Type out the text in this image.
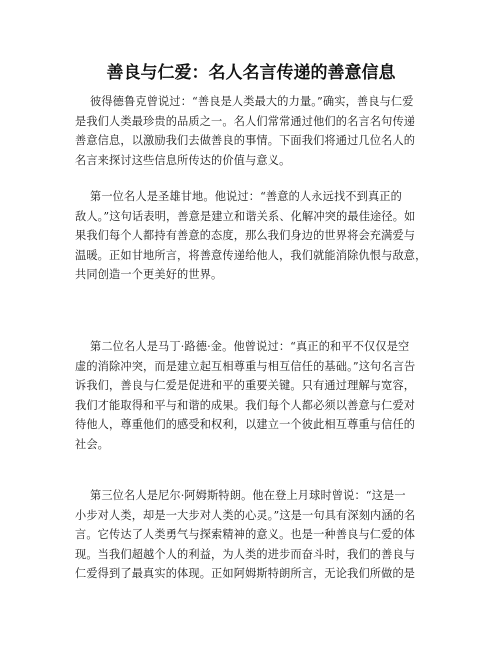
善良与仁爱：名人名言传递的善意信息
彼得德鲁克曾说过：“善良是人类最大的力量。”确实，善良与仁爱
是我们人类最珍贵的品质之一。名人们常常通过他们的名言名句传递
善意信息，以激励我们去做善良的事情。下面我们将通过几位名人的
名言来探讨这些信息所传达的价值与意义。
第一位名人是圣雄甘地。他说过：“善意的人永远找不到真正的
敌人。”这句话表明，善意是建立和谐关系、化解冲突的最佳途径。如
果我们每个人都持有善意的态度，那么我们身边的世界将会充满爱与
温暖。正如甘地所言，将善意传递给他人，我们就能消除仇恨与敌意，
共同创造一个更美好的世界。
第二位名人是马丁·路德·金。他曾说过：“真正的和平不仅仅是空
虚的消除冲突，而是建立起互相尊重与相互信任的基础。”这句名言告
诉我们，善良与仁爱是促进和平的重要关键。只有通过理解与宽容，
我们才能取得和平与和谐的成果。我们每个人都必须以善意与仁爱对
待他人，尊重他们的感受和权利，以建立一个彼此相互尊重与信任的
社会。
第三位名人是尼尔·阿姆斯特朗。他在登上月球时曾说：“这是一
小步对人类，却是一大步对人类的心灵。”这是一句具有深刻内涵的名
言。它传达了人类勇气与探索精神的意义。也是一种善良与仁爱的体
现。当我们超越个人的利益，为人类的进步而奋斗时，我们的善良与
仁爱得到了最真实的体现。正如阿姆斯特朗所言，无论我们所做的是
